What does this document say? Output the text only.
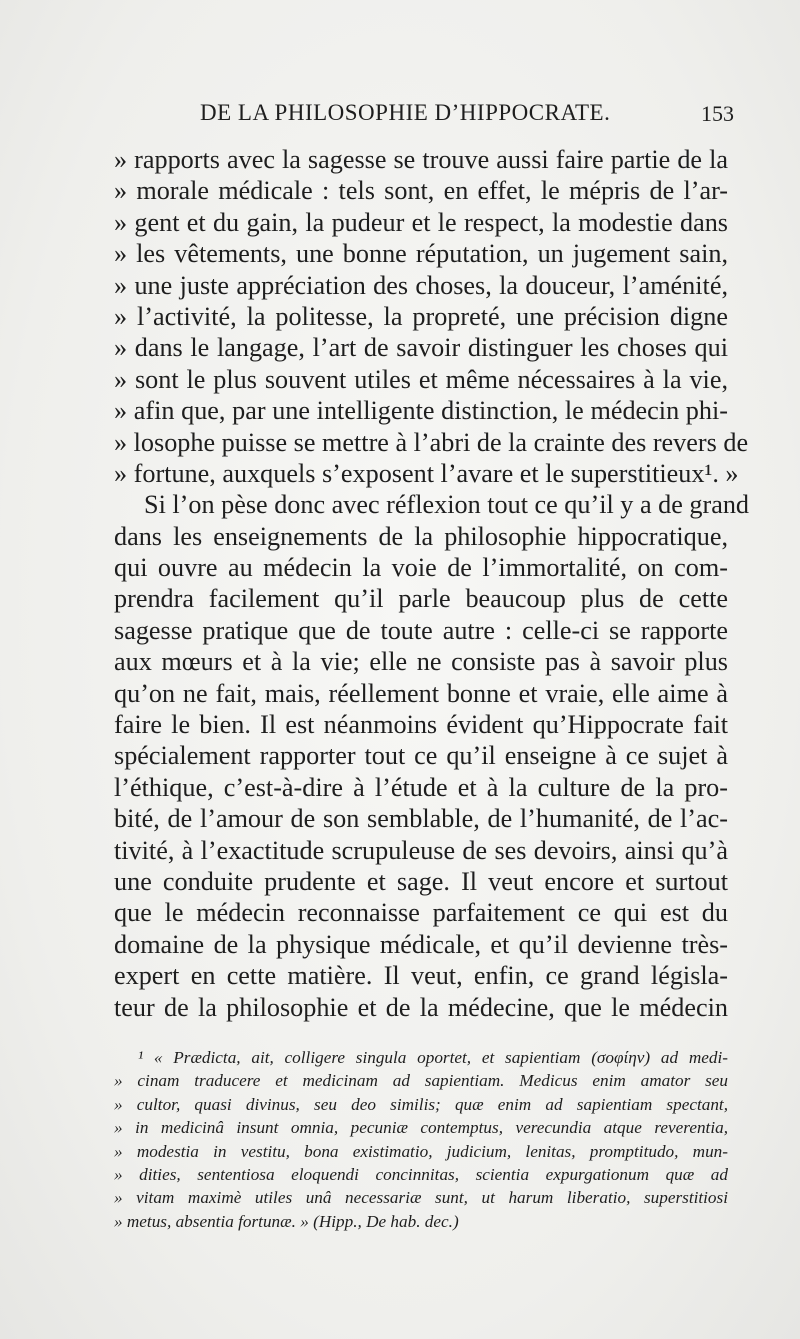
DE LA PHILOSOPHIE D’HIPPOCRATE.	153
» rapports avec la sagesse se trouve aussi faire partie de la
» morale médicale : tels sont, en effet, le mépris de l’ar-
» gent et du gain, la pudeur et le respect, la modestie dans
» les vêtements, une bonne réputation, un jugement sain,
» une juste appréciation des choses, la douceur, l’aménité,
» l’activité, la politesse, la propreté, une précision digne
» dans le langage, l’art de savoir distinguer les choses qui
» sont le plus souvent utiles et même nécessaires à la vie,
» afin que, par une intelligente distinction, le médecin phi-
» losophe puisse se mettre à l’abri de la crainte des revers de
» fortune, auxquels s’exposent l’avare et le superstitieux¹. »
Si l’on pèse donc avec réflexion tout ce qu’il y a de grand
dans les enseignements de la philosophie hippocratique,
qui ouvre au médecin la voie de l’immortalité, on com-
prendra facilement qu’il parle beaucoup plus de cette
sagesse pratique que de toute autre : celle-ci se rapporte
aux mœurs et à la vie; elle ne consiste pas à savoir plus
qu’on ne fait, mais, réellement bonne et vraie, elle aime à
faire le bien. Il est néanmoins évident qu’Hippocrate fait
spécialement rapporter tout ce qu’il enseigne à ce sujet à
l’éthique, c’est-à-dire à l’étude et à la culture de la pro-
bité, de l’amour de son semblable, de l’humanité, de l’ac-
tivité, à l’exactitude scrupuleuse de ses devoirs, ainsi qu’à
une conduite prudente et sage. Il veut encore et surtout
que le médecin reconnaisse parfaitement ce qui est du
domaine de la physique médicale, et qu’il devienne très-
expert en cette matière. Il veut, enfin, ce grand législa-
teur de la philosophie et de la médecine, que le médecin
¹ « Prædicta, ait, colligere singula oportet, et sapientiam (σοφίην) ad medi-
» cinam traducere et medicinam ad sapientiam. Medicus enim amator seu
» cultor, quasi divinus, seu deo similis; quæ enim ad sapientiam spectant,
» in medicinâ insunt omnia, pecuniæ contemptus, verecundia atque reverentia,
» modestia in vestitu, bona existimatio, judicium, lenitas, promptitudo, mun-
» dities, sententiosa eloquendi concinnitas, scientia expurgationum quæ ad
» vitam maximè utiles unâ necessariæ sunt, ut harum liberatio, superstitiosi
» metus, absentia fortunæ. » (Hipp., De hab. dec.)
